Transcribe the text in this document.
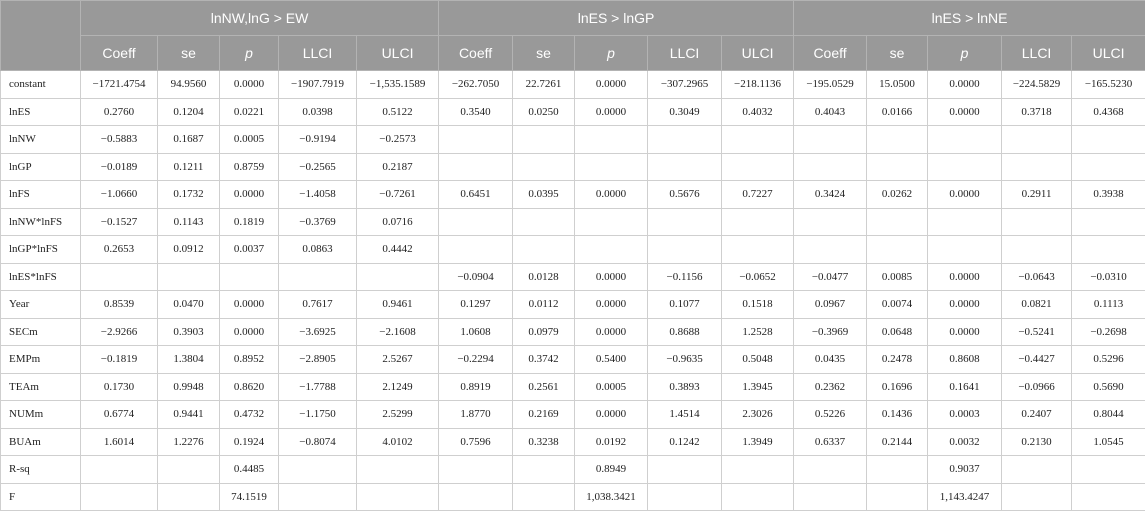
	lnNW,lnG > EW					lnES > lnGP					lnES > lnNE				
	Coeff	se	p	LLCI	ULCI	Coeff	se	p	LLCI	ULCI	Coeff	se	p	LLCI	ULCI
constant	−1721.4754	94.9560	0.0000	−1907.7919	−1,535.1589	−262.7050	22.7261	0.0000	−307.2965	−218.1136	−195.0529	15.0500	0.0000	−224.5829	−165.5230
lnES	0.2760	0.1204	0.0221	0.0398	0.5122	0.3540	0.0250	0.0000	0.3049	0.4032	0.4043	0.0166	0.0000	0.3718	0.4368
lnNW	−0.5883	0.1687	0.0005	−0.9194	−0.2573										
lnGP	−0.0189	0.1211	0.8759	−0.2565	0.2187										
lnFS	−1.0660	0.1732	0.0000	−1.4058	−0.7261	0.6451	0.0395	0.0000	0.5676	0.7227	0.3424	0.0262	0.0000	0.2911	0.3938
lnNW*lnFS	−0.1527	0.1143	0.1819	−0.3769	0.0716										
lnGP*lnFS	0.2653	0.0912	0.0037	0.0863	0.4442										
lnES*lnFS						−0.0904	0.0128	0.0000	−0.1156	−0.0652	−0.0477	0.0085	0.0000	−0.0643	−0.0310
Year	0.8539	0.0470	0.0000	0.7617	0.9461	0.1297	0.0112	0.0000	0.1077	0.1518	0.0967	0.0074	0.0000	0.0821	0.1113
SECm	−2.9266	0.3903	0.0000	−3.6925	−2.1608	1.0608	0.0979	0.0000	0.8688	1.2528	−0.3969	0.0648	0.0000	−0.5241	−0.2698
EMPm	−0.1819	1.3804	0.8952	−2.8905	2.5267	−0.2294	0.3742	0.5400	−0.9635	0.5048	0.0435	0.2478	0.8608	−0.4427	0.5296
TEAm	0.1730	0.9948	0.8620	−1.7788	2.1249	0.8919	0.2561	0.0005	0.3893	1.3945	0.2362	0.1696	0.1641	−0.0966	0.5690
NUMm	0.6774	0.9441	0.4732	−1.1750	2.5299	1.8770	0.2169	0.0000	1.4514	2.3026	0.5226	0.1436	0.0003	0.2407	0.8044
BUAm	1.6014	1.2276	0.1924	−0.8074	4.0102	0.7596	0.3238	0.0192	0.1242	1.3949	0.6337	0.2144	0.0032	0.2130	1.0545
R-sq			0.4485					0.8949					0.9037		
F			74.1519					1,038.3421					1,143.4247		
